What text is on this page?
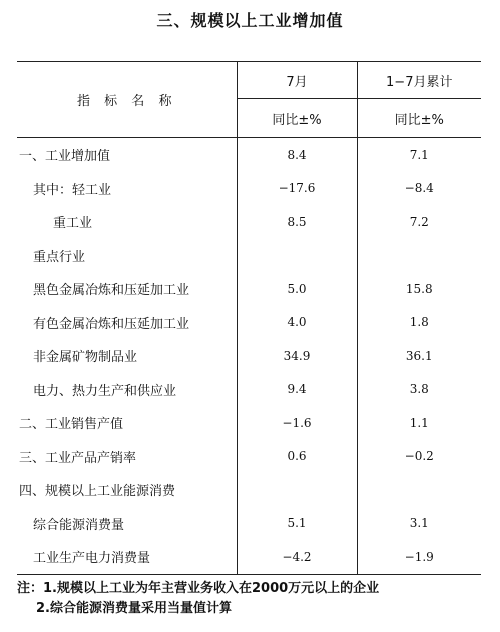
三、规模以上工业增加值
指 标 名 称	7月	1−7月累计
	同比±%	同比±%
一、工业增加值	8.4	7.1
其中：轻工业	−17.6	−8.4
重工业	8.5	7.2
重点行业		
黑色金属冶炼和压延加工业	5.0	15.8
有色金属冶炼和压延加工业	4.0	1.8
非金属矿物制品业	34.9	36.1
电力、热力生产和供应业	9.4	3.8
二、工业销售产值	−1.6	1.1
三、工业产品产销率	0.6	−0.2
四、规模以上工业能源消费		
综合能源消费量	5.1	3.1
工业生产电力消费量	−4.2	−1.9
注：1.规模以上工业为年主营业务收入在2000万元以上的企业
2.综合能源消费量采用当量值计算
